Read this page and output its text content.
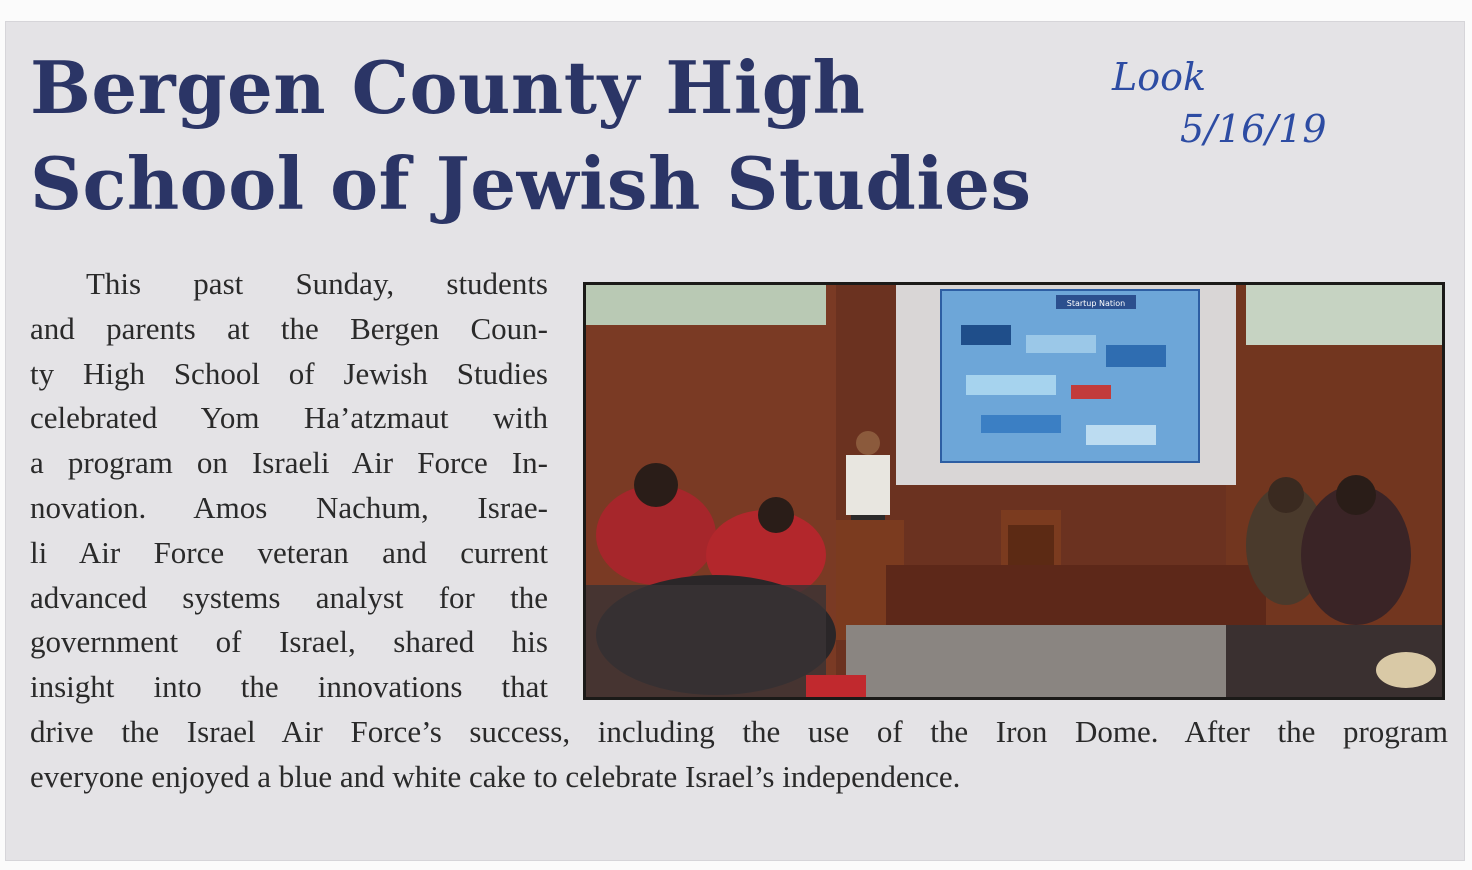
Bergen County High
School of Jewish Studies
Look
5/16/19
This past Sunday, students
and parents at the Bergen Coun-
ty High School of Jewish Studies
celebrated Yom Ha’atzmaut with
a program on Israeli Air Force In-
novation. Amos Nachum, Israe-
li Air Force veteran and current
advanced systems analyst for the
government of Israel, shared his
insight into the innovations that
Startup Nation
drive the Israel Air Force’s success, including the use of the Iron Dome. After the program
everyone enjoyed a blue and white cake to celebrate Israel’s independence.
